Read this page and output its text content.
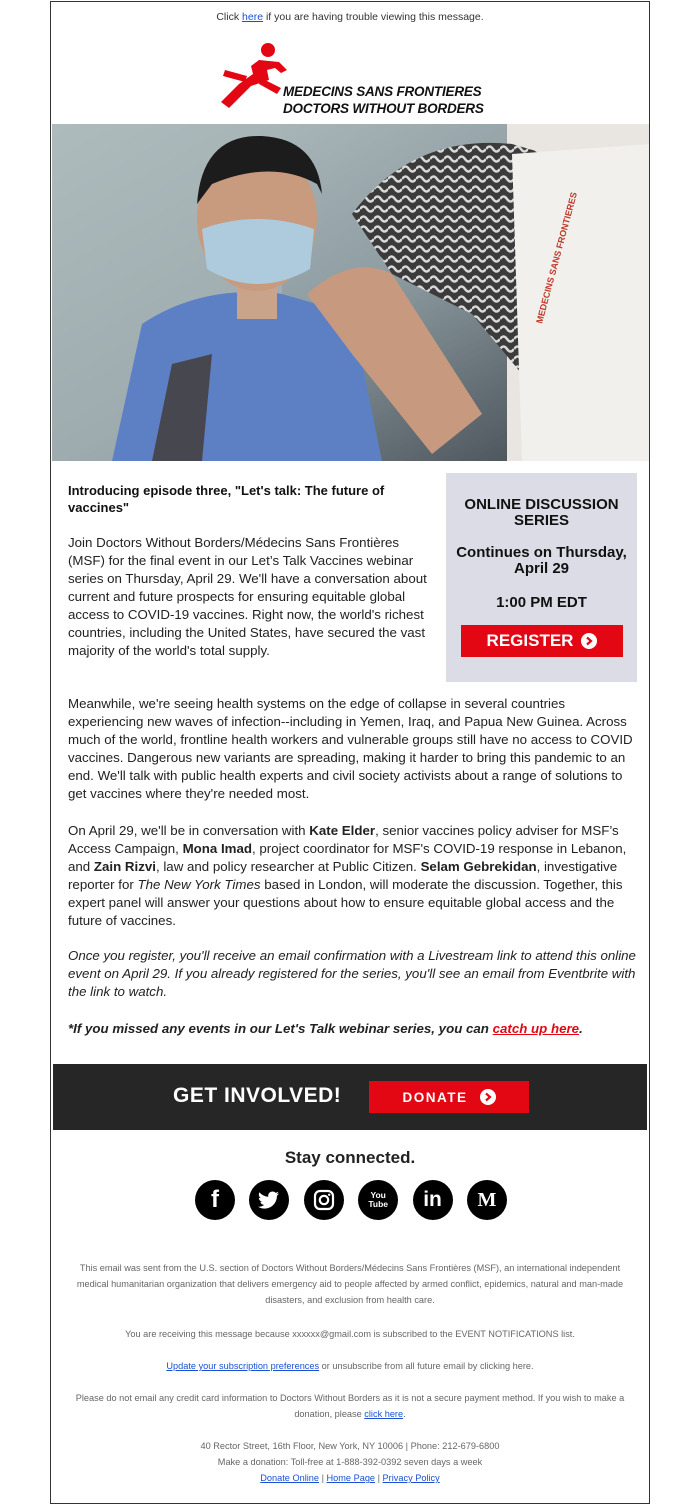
Click here if you are having trouble viewing this message.
MEDECINS SANS FRONTIERES
DOCTORS WITHOUT BORDERS
MEDECINS SANS FRONTIERES
Introducing episode three, "Let's talk: The future of vaccines"
Join Doctors Without Borders/Médecins Sans Frontières (MSF) for the final event in our Let’s Talk Vaccines webinar series on Thursday, April 29. We'll have a conversation about current and future prospects for ensuring equitable global access to COVID-19 vaccines. Right now, the world's richest countries, including the United States, have secured the vast majority of the world's total supply.
ONLINE DISCUSSION SERIES
Continues on Thursday, April 29
1:00 PM EDT
REGISTER
Meanwhile, we're seeing health systems on the edge of collapse in several countries experiencing new waves of infection--including in Yemen, Iraq, and Papua New Guinea. Across much of the world, frontline health workers and vulnerable groups still have no access to COVID vaccines. Dangerous new variants are spreading, making it harder to bring this pandemic to an end. We'll talk with public health experts and civil society activists about a range of solutions to get vaccines where they're needed most.
On April 29, we'll be in conversation with Kate Elder, senior vaccines policy adviser for MSF’s Access Campaign, Mona Imad, project coordinator for MSF's COVID-19 response in Lebanon, and Zain Rizvi, law and policy researcher at Public Citizen. Selam Gebrekidan, investigative reporter for The New York Times based in London, will moderate the discussion. Together, this expert panel will answer your questions about how to ensure equitable global access and the future of vaccines.
Once you register, you'll receive an email confirmation with a Livestream link to attend this online event on April 29. If you already registered for the series, you'll see an email from Eventbrite with the link to watch.
*If you missed any events in our Let's Talk webinar series, you can catch up here.
GET INVOLVED!	DONATE
Stay connected.
f	You Tube in M
This email was sent from the U.S. section of Doctors Without Borders/Médecins Sans Frontières (MSF), an international independent medical humanitarian organization that delivers emergency aid to people affected by armed conflict, epidemics, natural and man-made disasters, and exclusion from health care.
You are receiving this message because xxxxxx@gmail.com is subscribed to the EVENT NOTIFICATIONS list.
Update your subscription preferences or unsubscribe from all future email by clicking here.
Please do not email any credit card information to Doctors Without Borders as it is not a secure payment method. If you wish to make a donation, please click here.
40 Rector Street, 16th Floor, New York, NY 10006 | Phone: 212-679-6800
Make a donation: Toll-free at 1-888-392-0392 seven days a week
Donate Online | Home Page | Privacy Policy
